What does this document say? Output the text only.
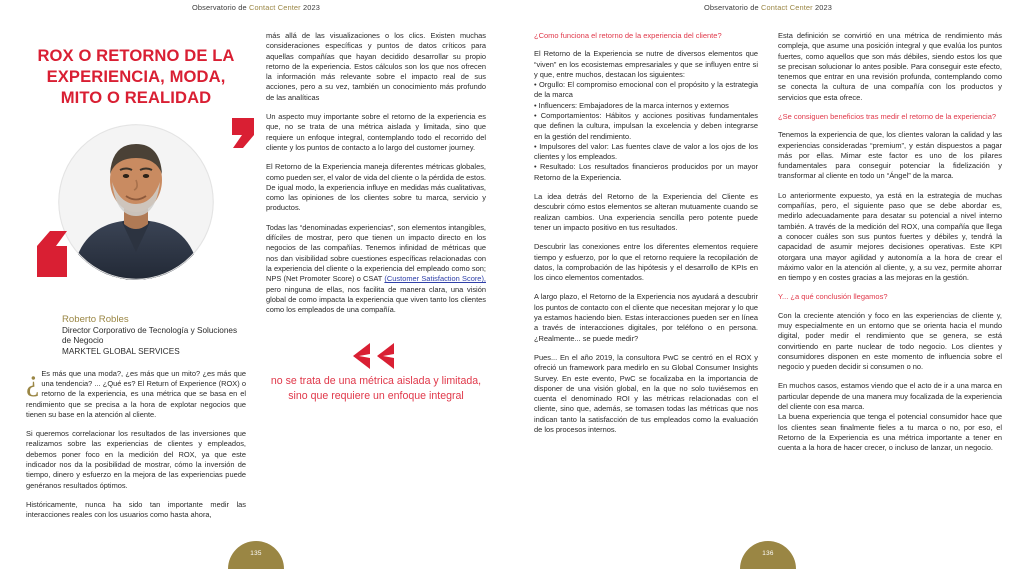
Observatorio de Contact Center 2023
ROX O RETORNO DE LA EXPERIENCIA, MODA, MITO O REALIDAD
Roberto Robles
Director Corporativo de Tecnología y Soluciones de Negocio
MARKTEL GLOBAL SERVICES
¿ Es más que una moda?, ¿es más que un mito? ¿es más que una tendencia? ... ¿Qué es? El Return of Experience (ROX) o retorno de la experiencia, es una métrica que se basa en el rendimiento que se precisa a la hora de explotar negocios que tienen su base en la atención al cliente.

Si queremos correlacionar los resultados de las inversiones que realizamos sobre las experiencias de clientes y empleados, debemos poner foco en la medición del ROX, ya que este indicador nos da la posibilidad de mostrar, cómo la inversión de tiempo, dinero y esfuerzo en la mejora de las experiencias puede genéranos resultados óptimos.

Históricamente, nunca ha sido tan importante medir las interacciones reales con los usuarios como hasta ahora,

más allá de las visualizaciones o los clics. Existen muchas consideraciones específicas y puntos de datos críticos para aquellas compañías que hayan decidido desarrollar su propio retorno de la experiencia. Estos cálculos son los que nos ofrecen la información más relevante sobre el impacto real de sus acciones, pero a su vez, también un conocimiento más profundo de las analíticas

Un aspecto muy importante sobre el retorno de la experiencia es que, no se trata de una métrica aislada y limitada, sino que requiere un enfoque integral, contemplando todo el recorrido del cliente y los puntos de contacto a lo largo del customer journey.

El Retorno de la Experiencia maneja diferentes métricas globales, como pueden ser, el valor de vida del cliente o la pérdida de estos. De igual modo, la experiencia influye en medidas más cualitativas, como las opiniones de los clientes sobre tu marca, servicio y productos.

Todas las “denominadas experiencias”, son elementos intangibles, difíciles de mostrar, pero que tienen un impacto directo en los negocios de las compañías. Tenemos infinidad de métricas que nos dan visibilidad sobre cuestiones específicas relacionadas con la experiencia del cliente o la experiencia del empleado como son; NPS (Net Promoter Score) o CSAT (Customer Satisfaction Score), pero ninguna de ellas, nos facilita de manera clara, una visión global de como impacta la experiencia que viven tanto los clientes como los empleados de una compañía.

no se trata de una métrica aislada y limitada, sino que requiere un enfoque integral
135
Observatorio de Contact Center 2023
¿Como funciona el retorno de la experiencia del cliente?

El Retorno de la Experiencia se nutre de diversos elementos que “viven” en los ecosistemas empresariales y que se influyen entre si y que, entre muchos, destacan los siguientes:

• Orgullo: El compromiso emocional con el propósito y la estrategia de la marca
• Influencers: Embajadores de la marca internos y externos
• Comportamientos: Hábitos y acciones positivas fundamentales que definen la cultura, impulsan la excelencia y deben integrarse en la gestión del rendimiento.
• Impulsores del valor: Las fuentes clave de valor a los ojos de los clientes y los empleados.
• Resultado: Los resultados financieros producidos por un mayor Retorno de la Experiencia.

La idea detrás del Retorno de la Experiencia del Cliente es descubrir cómo estos elementos se alteran mutuamente cuando se realizan cambios. Una experiencia sencilla pero potente puede tener un impacto positivo en tus resultados.

Descubrir las conexiones entre los diferentes elementos requiere tiempo y esfuerzo, por lo que el retorno requiere la recopilación de datos, la comprobación de las hipótesis y el desarrollo de KPIs en los cinco elementos comentados.

A largo plazo, el Retorno de la Experiencia nos ayudará a descubrir los puntos de contacto con el cliente que necesitan mejorar y lo que ya estamos haciendo bien. Estas interacciones pueden ser en línea a través de interacciones digitales, por teléfono o en persona. ¿Realmente... se puede medir?

Pues... En el año 2019, la consultora PwC se centró en el ROX y ofreció un framework para medirlo en su Global Consumer Insights Survey. En este evento, PwC se focalizaba en la importancia de disponer de una visión global, en la que no solo tuviésemos en cuenta el denominado ROI y las métricas relacionadas con el cliente, sino que, además, se tomasen todas las métricas que nos indican tanto la satisfacción de tus empleados como la evaluación de los procesos internos.

Esta definición se convirtió en una métrica de rendimiento más compleja, que asume una posición integral y que evalúa los puntos fuertes, como aquellos que son más débiles, siendo estos los que se precisan solucionar lo antes posible. Para conseguir este efecto, tenemos que entrar en una revisión profunda, contemplando como se conecta la cultura de una compañía con los productos y servicios que esta ofrece.

¿Se consiguen beneficios tras medir el retorno de la experiencia?

Tenemos la experiencia de que, los clientes valoran la calidad y las experiencias consideradas “premium”, y están dispuestos a pagar más por ellas. Mimar este factor es uno de los pilares fundamentales para conseguir potenciar la fidelización y transformar al cliente en todo un “Ángel” de la marca.

Lo anteriormente expuesto, ya está en la estrategia de muchas compañías, pero, el siguiente paso que se debe abordar es, medirlo adecuadamente para desatar su potencial a nivel interno también. A través de la medición del ROX, una compañía que llega a conocer cuáles son sus puntos fuertes y débiles y, tendrá la capacidad de asumir mejores decisiones operativas. Este KPI otorgara una mayor agilidad y autonomía a la hora de crear el máximo valor en la atención al cliente, y, a su vez, permite ahorrar en tiempo y en costes gracias a las mejoras en la gestión.

Y... ¿a qué conclusión llegamos?

Con la creciente atención y foco en las experiencias de cliente y, muy especialmente en un entorno que se orienta hacia el mundo digital, poder medir el rendimiento que se genera, se está convirtiendo en parte nuclear de todo negocio. Los clientes y consumidores disponen en este momento de influencia sobre el negocio y pueden decidir si consumen o no.

En muchos casos, estamos viendo que el acto de ir a una marca en particular depende de una manera muy focalizada de la experiencia del cliente con esa marca.

La buena experiencia que tenga el potencial consumidor hace que los clientes sean finalmente fieles a tu marca o no, por eso, el Retorno de la Experiencia es una métrica importante a tener en cuenta a la hora de hacer crecer, o incluso de lanzar, un negocio.

136
